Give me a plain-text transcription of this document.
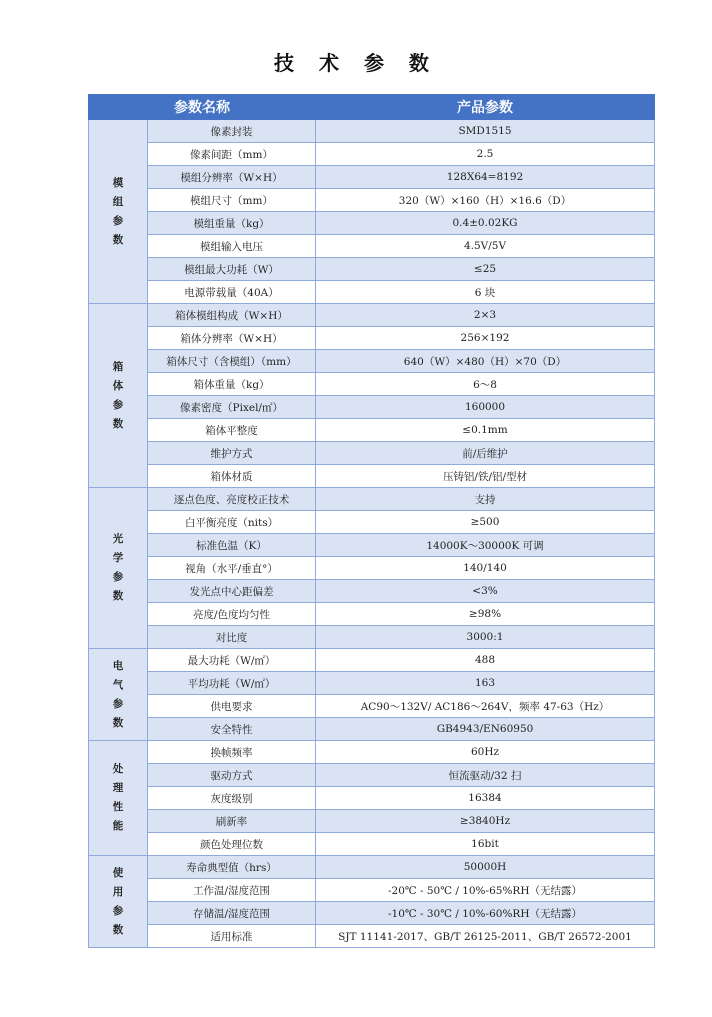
技 术 参 数
参数名称		产品参数
模组参数	像素封装	SMD1515
	像素间距（mm）	2.5
	模组分辨率（W×H）	128X64=8192
	模组尺寸（mm）	320（W）×160（H）×16.6（D）
	模组重量（kg）	0.4±0.02KG
	模组输入电压	4.5V/5V
	模组最大功耗（W）	≤25
	电源带载量（40A）	6 块
箱体参数	箱体模组构成（W×H）	2×3
	箱体分辨率（W×H）	256×192
	箱体尺寸（含模组）（mm）	640（W）×480（H）×70（D）
	箱体重量（kg）	6～8
	像素密度（Pixel/㎡）	160000
	箱体平整度	≤0.1mm
	维护方式	前/后维护
	箱体材质	压铸铝/铁/铝/型材
光学参数	逐点色度、亮度校正技术	支持
	白平衡亮度（nits）	≥500
	标准色温（K）	14000K～30000K 可调
	视角（水平/垂直°）	140/140
	发光点中心距偏差	<3%
	亮度/色度均匀性	≥98%
	对比度	3000:1
电气参数	最大功耗（W/㎡）	488
	平均功耗（W/㎡）	163
	供电要求	AC90～132V/ AC186～264V，频率 47-63（Hz）
	安全特性	GB4943/EN60950
处理性能	换帧频率	60Hz
	驱动方式	恒流驱动/32 扫
	灰度级别	16384
	刷新率	≥3840Hz
	颜色处理位数	16bit
使用参数	寿命典型值（hrs）	50000H
	工作温/湿度范围	-20℃ - 50℃ / 10%-65%RH（无结露）
	存储温/湿度范围	-10℃ - 30℃ / 10%-60%RH（无结露）
	适用标准	SJT 11141-2017、GB/T 26125-2011、GB/T 26572-2001
